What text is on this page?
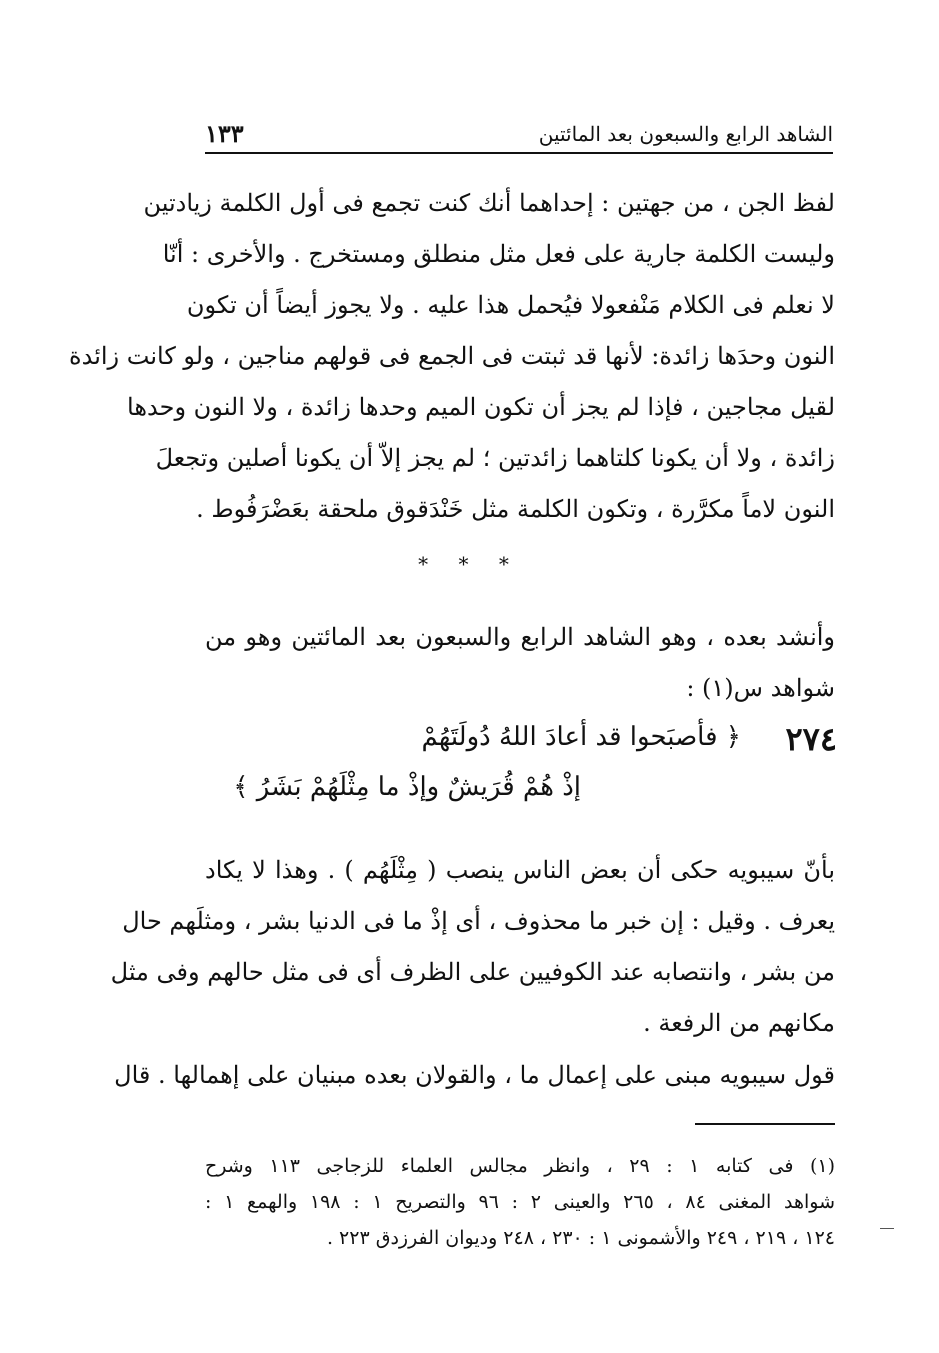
الشاهد الرابع والسبعون بعد المائتين
١٣٣
لفظ الجن ، من جهتين : إحداهما أنك كنت تجمع فى أول الكلمة زيادتين
وليست الكلمة جارية على فعل مثل منطلق ومستخرج . والأخرى : أنّا
لا نعلم فى الكلام مَنْفعولا فيُحمل هذا عليه . ولا يجوز أيضاً أن تكون
النون وحدَها زائدة: لأنها قد ثبتت فى الجمع فى قولهم مناجين ، ولو كانت زائدة
لقيل مجاجين ، فإذا لم يجز أن تكون الميم وحدها زائدة ، ولا النون وحدها
زائدة ، ولا أن يكونا كلتاهما زائدتين ؛ لم يجز إلاّ أن يكونا أصلين وتجعلَ
النون لاماً مكرَّرة ، وتكون الكلمة مثل خَنْدَقوق ملحقة بعَضْرَفُوط .
* * *
وأنشد بعده ، وهو الشاهد الرابع والسبعون بعد المائتين وهو من
شواهد س(١) :
٢٧٤
﴿ فأصبَحوا قد أعادَ اللهُ دُولَتَهُمْ
إذْ هُمْ قُرَيشٌ وإذْ ما مِثْلَهُمْ بَشَرُ ﴾
بأنّ سيبويه حكى أن بعض الناس ينصب ( مِثْلَهُم ) . وهذا لا يكاد
يعرف . وقيل : إن خبر ما محذوف ، أى إذْ ما فى الدنيا بشر ، ومثلَهم حال
من بشر ، وانتصابه عند الكوفيين على الظرف أى فى مثل حالهم وفى مثل
مكانهم من الرفعة .
قول سيبويه مبنى على إعمال ما ، والقولان بعده مبنيان على إهمالها . قال
(١) فى كتابه ١ : ٢٩ ، وانظر مجالس العلماء للزجاجى ١١٣ وشرح
شواهد المغنى ٨٤ ، ٢٦٥ والعينى ٢ : ٩٦ والتصريح ١ : ١٩٨ والهمع ١ :
١٢٤ ، ٢١٩ ، ٢٤٩ والأشمونى ١ : ٢٣٠ ، ٢٤٨ وديوان الفرزدق ٢٢٣ .
